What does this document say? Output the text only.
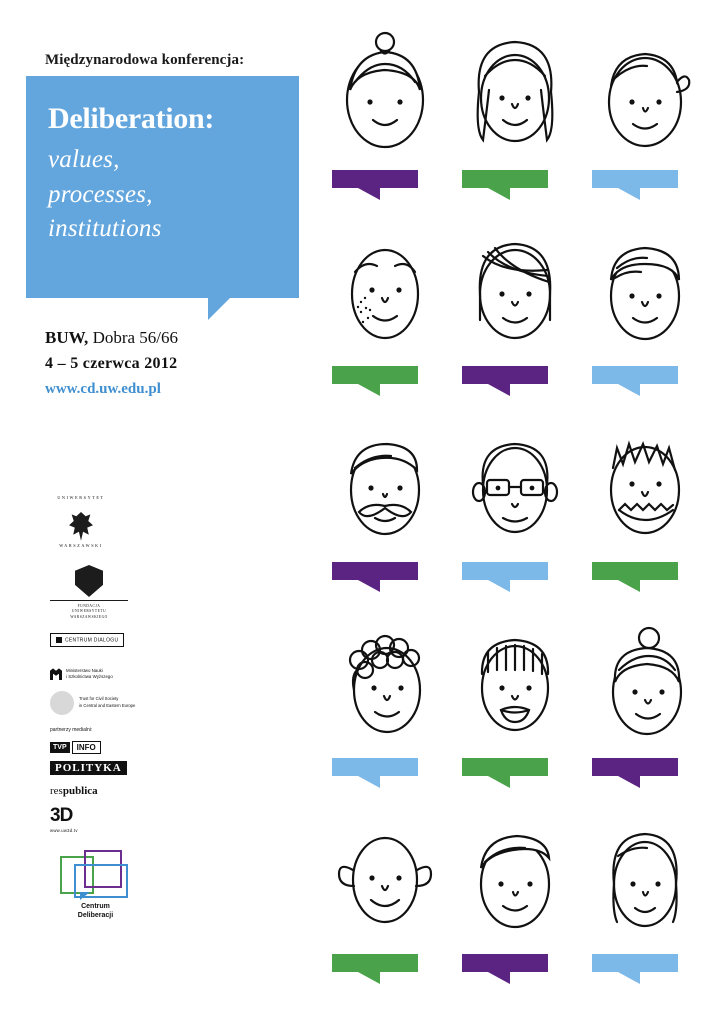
Międzynarodowa konferencja:
Deliberation:
values,
processes,
institutions
BUW, Dobra 56/66
4 – 5 czerwca 2012
www.cd.uw.edu.pl
UNIWERSYTET
WARSZAWSKI
FUNDACJA
UNIWERSYTETU
WARSZAWSKIEGO
CENTRUM DIALOGU
Ministerstwo Nauki
i Szkolnictwa Wyższego
Trust for Civil Society
in Central and Eastern Europe
partnerzy medialni:
TVP INFO
POLITYKA
respublica
3D
www.uw3d.tv
Centrum
Deliberacji
